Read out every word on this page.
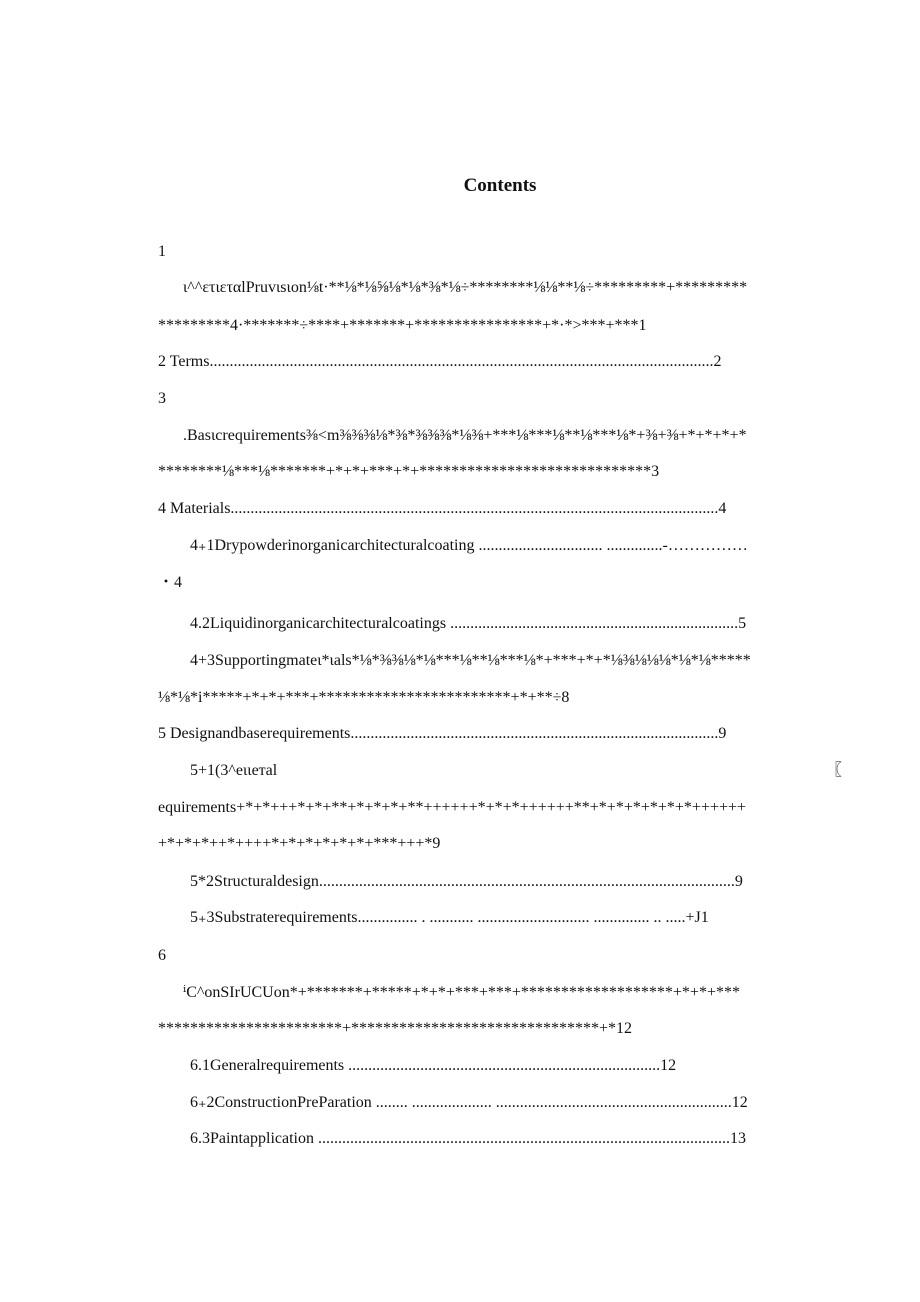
Contents
1
ι^^ετιεταlPruvιsιon⅛t·**⅛*⅛⅝⅛*⅛*⅜*⅛÷********⅛⅛**⅛÷*********+*********
*********4·*******÷****+*******+****************+*·*>***+***1
2 Terms..............................................................................................................................2
3
.Basιcrequirements⅜<m⅜⅜⅜⅛*⅜*⅜⅜⅜*⅛⅜+***⅛***⅛**⅛***⅛*+⅜+⅜+*+*+*+*
********⅛***⅛*******+*+*+***+*+*****************************3
4 Materials..........................................................................................................................4
4₊1Drypowderinorganicarchitecturalcoating ............................... ..............-……………
・4
4.2Liquidinorganicarchitecturalcoatings ........................................................................5
4+3Supportingmateι*ιals*⅛*⅜⅜⅛*⅛***⅛**⅛***⅛*+***+*+*⅛⅜⅛⅛⅛*⅛*⅛*****
⅛*⅛*i*****+*+*+***+************************+*+**÷8
5 Designandbaserequirements............................................................................................9
5+1(3^eιιeтal	〖
equirements+*+*+++*+*+**+*+*+*+**++++++*+*+*++++++**+*+*+*+*+*+*++++++
+*+*+*++*++++*+*+*+*+*+*+***+++*9
5*2Structuraldesign........................................................................................................9
5₊3Substraterequirements............... . ........... ............................ .............. .. .....+J1
6
ⁱC^onSIrUCUon*+*******+*****+*+*+***+***+*******************+*+*+***
***********************+*******************************+*12
6.1Generalrequirements ..............................................................................12
6₊2ConstructionPreParation ........ .................... ...........................................................12
6.3Paintapplication .......................................................................................................13
